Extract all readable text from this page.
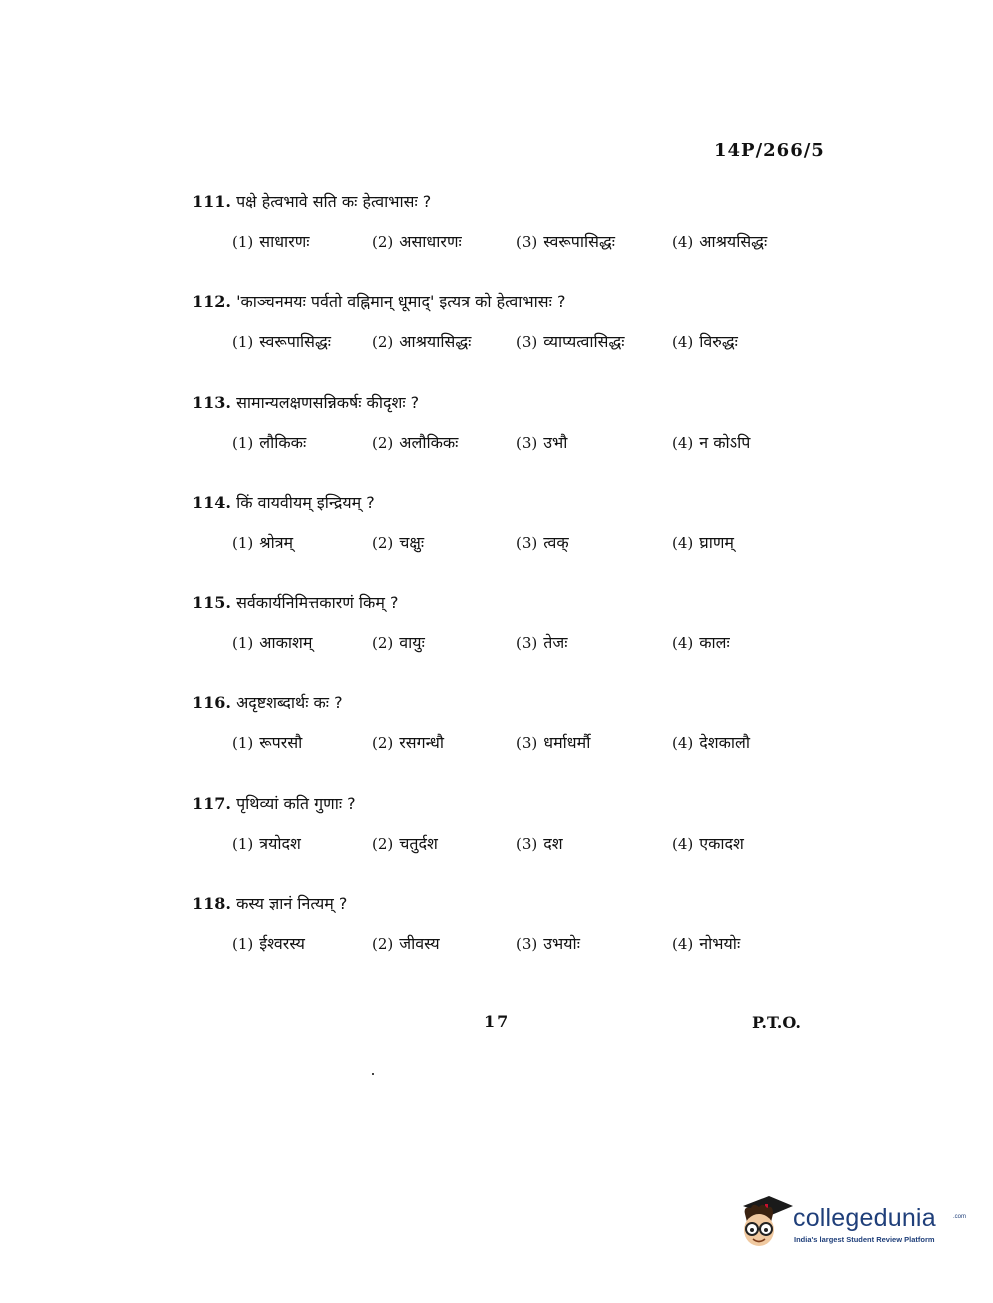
14P/266/5
111. पक्षे हेत्वभावे सति कः हेत्वाभासः ?
(1) साधारणः	(2) असाधारणः	(3) स्वरूपासिद्धः	(4) आश्रयसिद्धः
112. 'काञ्चनमयः पर्वतो वह्निमान् धूमाद्' इत्यत्र को हेत्वाभासः ?
(1) स्वरूपासिद्धः	(2) आश्रयासिद्धः	(3) व्याप्यत्वासिद्धः	(4) विरुद्धः
113. सामान्यलक्षणसन्निकर्षः कीदृशः ?
(1) लौकिकः	(2) अलौकिकः	(3) उभौ	(4) न कोऽपि
114. किं वायवीयम् इन्द्रियम् ?
(1) श्रोत्रम्	(2) चक्षुः	(3) त्वक्	(4) घ्राणम्
115. सर्वकार्यनिमित्तकारणं किम् ?
(1) आकाशम्	(2) वायुः	(3) तेजः	(4) कालः
116. अदृष्टशब्दार्थः कः ?
(1) रूपरसौ	(2) रसगन्धौ	(3) धर्माधर्मौ	(4) देशकालौ
117. पृथिव्यां कति गुणाः ?
(1) त्रयोदश	(2) चतुर्दश	(3) दश	(4) एकादश
118. कस्य ज्ञानं नित्यम् ?
(1) ईश्वरस्य	(2) जीवस्य	(3) उभयोः	(4) नोभयोः
17	P.T.O.
collegedunia	.com
India's largest Student Review Platform
